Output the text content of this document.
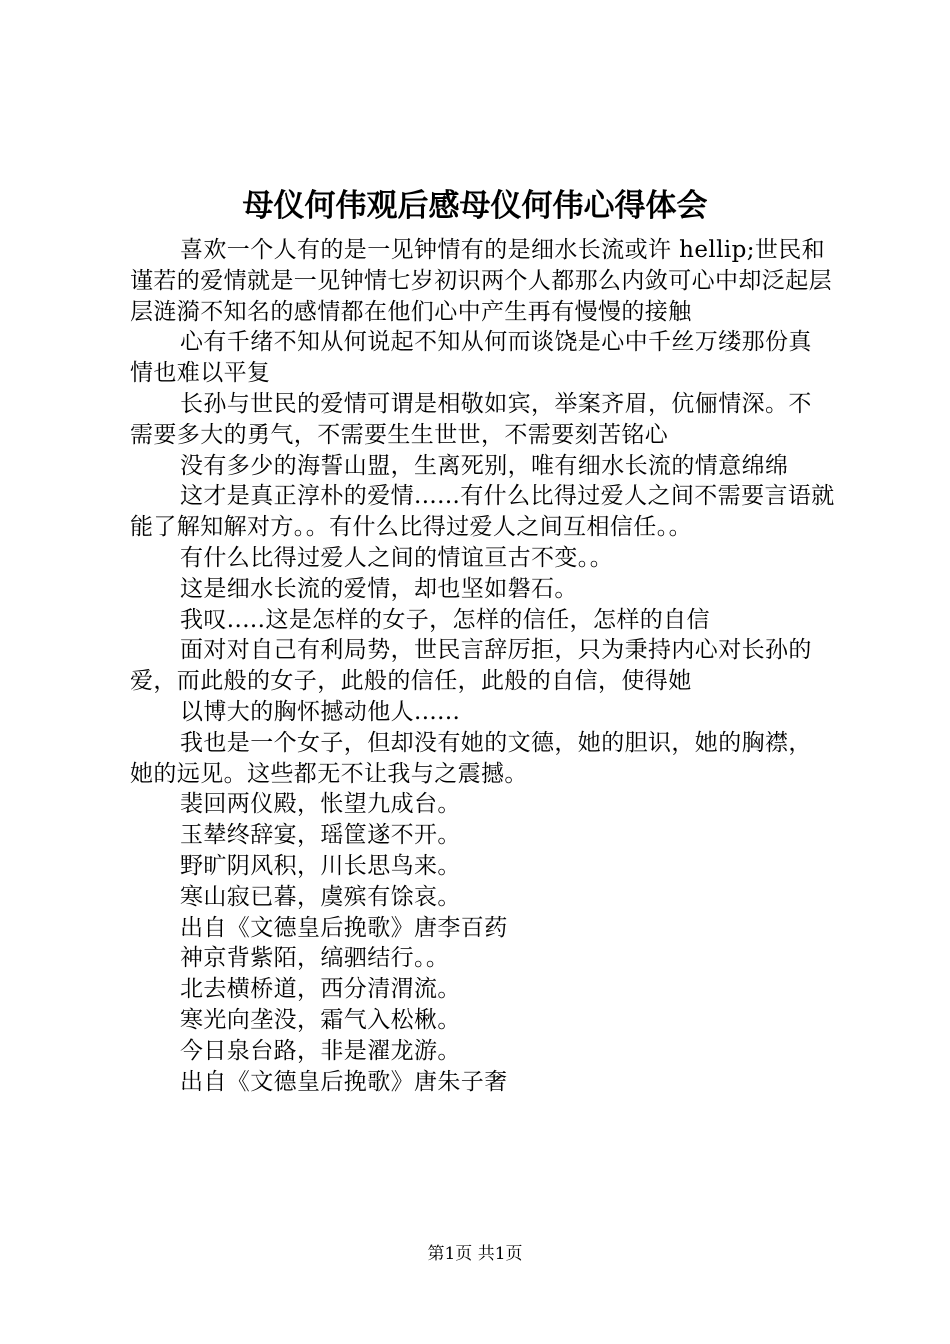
母仪何伟观后感母仪何伟心得体会

喜欢一个人有的是一见钟情有的是细水长流或许 hellip;世民和谨若的爱情就是一见钟情七岁初识两个人都那么内敛可心中却泛起层层涟漪不知名的感情都在他们心中产生再有慢慢的接触

心有千绪不知从何说起不知从何而谈饶是心中千丝万缕那份真情也难以平复

长孙与世民的爱情可谓是相敬如宾，举案齐眉，伉俪情深。不需要多大的勇气，不需要生生世世，不需要刻苦铭心

没有多少的海誓山盟，生离死别，唯有细水长流的情意绵绵

这才是真正淳朴的爱情......有什么比得过爱人之间不需要言语就能了解知解对方。。有什么比得过爱人之间互相信任。。

有什么比得过爱人之间的情谊亘古不变。。

这是细水长流的爱情，却也坚如磐石。

我叹.....这是怎样的女子，怎样的信任，怎样的自信

面对对自己有利局势，世民言辞厉拒，只为秉持内心对长孙的爱，而此般的女子，此般的信任，此般的自信，使得她

以博大的胸怀撼动他人......

我也是一个女子，但却没有她的文德，她的胆识，她的胸襟，她的远见。这些都无不让我与之震撼。

裴回两仪殿，怅望九成台。

玉辇终辞宴，瑶筐遂不开。

野旷阴风积，川长思鸟来。

寒山寂已暮，虞殡有馀哀。

出自《文德皇后挽歌》唐李百药

神京背紫陌，缟驷结行。。

北去横桥道，西分清渭流。

寒光向垄没，霜气入松楸。

今日泉台路，非是濯龙游。

出自《文德皇后挽歌》唐朱子奢

第1页 共1页
